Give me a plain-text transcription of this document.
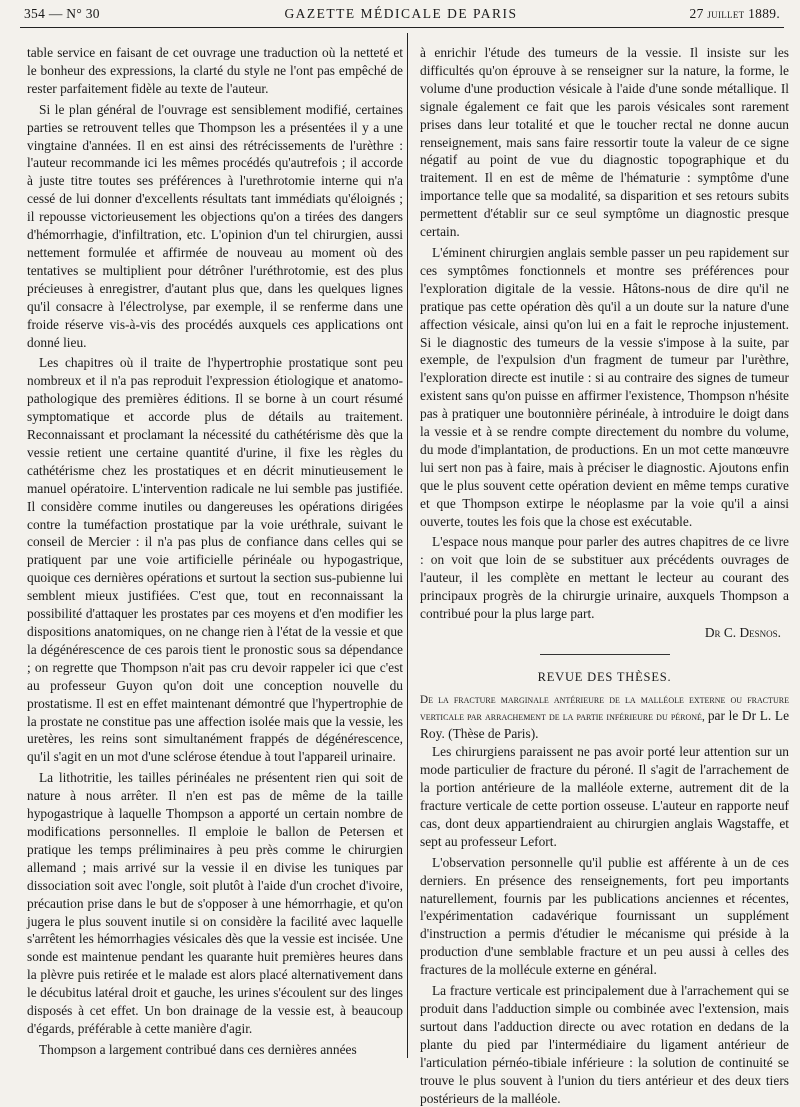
354 — N° 30	GAZETTE MÉDICALE DE PARIS	27 juillet 1889.

table service en faisant de cet ouvrage une traduction où la netteté et le bonheur des expressions, la clarté du style ne l'ont pas empêché de rester parfaitement fidèle au texte de l'auteur.

Si le plan général de l'ouvrage est sensiblement modifié, certaines parties se retrouvent telles que Thompson les a présentées il y a une vingtaine d'années. Il en est ainsi des rétrécissements de l'urèthre : l'auteur recommande ici les mêmes procédés qu'autrefois ; il accorde à juste titre toutes ses préférences à l'urethrotomie interne qui n'a cessé de lui donner d'excellents résultats tant immédiats qu'éloignés ; il repousse victorieusement les objections qu'on a tirées des dangers d'hémorrhagie, d'infiltration, etc. L'opinion d'un tel chirurgien, aussi nettement formulée et affirmée de nouveau au moment où des tentatives se multiplient pour détrôner l'uréthrotomie, est des plus précieuses à enregistrer, d'autant plus que, dans les quelques lignes qu'il consacre à l'électrolyse, par exemple, il se renferme dans une froide réserve vis-à-vis des procédés auxquels ces applications ont donné lieu.

Les chapitres où il traite de l'hypertrophie prostatique sont peu nombreux et il n'a pas reproduit l'expression étiologique et anatomo-pathologique des premières éditions. Il se borne à un court résumé symptomatique et accorde plus de détails au traitement. Reconnaissant et proclamant la nécessité du cathétérisme dès que la vessie retient une certaine quantité d'urine, il fixe les règles du cathétérisme chez les prostatiques et en décrit minutieusement le manuel opératoire. L'intervention radicale ne lui semble pas justifiée. Il considère comme inutiles ou dangereuses les opérations dirigées contre la tuméfaction prostatique par la voie uréthrale, suivant le conseil de Mercier : il n'a pas plus de confiance dans celles qui se pratiquent par une voie artificielle périnéale ou hypogastrique, quoique ces dernières opérations et surtout la section sus-pubienne lui semblent mieux justifiées. C'est que, tout en reconnaissant la possibilité d'attaquer les prostates par ces moyens et d'en modifier les dispositions anatomiques, on ne change rien à l'état de la vessie et que la dégénérescence de ces parois tient le pronostic sous sa dépendance ; on regrette que Thompson n'ait pas cru devoir rappeler ici que c'est au professeur Guyon qu'on doit une conception nouvelle du prostatisme. Il est en effet maintenant démontré que l'hypertrophie de la prostate ne constitue pas une affection isolée mais que la vessie, les uretères, les reins sont simultanément frappés de dégénérescence, qu'il s'agit en un mot d'une sclérose étendue à tout l'appareil urinaire.

La lithotritie, les tailles périnéales ne présentent rien qui soit de nature à nous arrêter. Il n'en est pas de même de la taille hypogastrique à laquelle Thompson a apporté un certain nombre de modifications personnelles. Il emploie le ballon de Petersen et pratique les temps préliminaires à peu près comme le chirurgien allemand ; mais arrivé sur la vessie il en divise les tuniques par dissociation soit avec l'ongle, soit plutôt à l'aide d'un crochet d'ivoire, précaution prise dans le but de s'opposer à une hémorrhagie, et qu'on jugera le plus souvent inutile si on considère la facilité avec laquelle s'arrêtent les hémorrhagies vésicales dès que la vessie est incisée. Une sonde est maintenue pendant les quarante huit premières heures dans la plèvre puis retirée et le malade est alors placé alternativement dans le décubitus latéral droit et gauche, les urines s'écoulent sur des linges disposés à cet effet. Un bon drainage de la vessie est, à beaucoup d'égards, préférable à cette manière d'agir.

Thompson a largement contribué dans ces dernières années

à enrichir l'étude des tumeurs de la vessie. Il insiste sur les difficultés qu'on éprouve à se renseigner sur la nature, la forme, le volume d'une production vésicale à l'aide d'une sonde métallique. Il signale également ce fait que les parois vésicales sont rarement prises dans leur totalité et que le toucher rectal ne donne aucun renseignement, mais sans faire ressortir toute la valeur de ce signe négatif au point de vue du diagnostic topographique et du traitement. Il en est de même de l'hématurie : symptôme d'une importance telle que sa modalité, sa disparition et ses retours subits permettent d'établir sur ce seul symptôme un diagnostic presque certain.

L'éminent chirurgien anglais semble passer un peu rapidement sur ces symptômes fonctionnels et montre ses préférences pour l'exploration digitale de la vessie. Hâtons-nous de dire qu'il ne pratique pas cette opération dès qu'il a un doute sur la nature d'une affection vésicale, ainsi qu'on lui en a fait le reproche injustement. Si le diagnostic des tumeurs de la vessie s'impose à la suite, par exemple, de l'expulsion d'un fragment de tumeur par l'urèthre, l'exploration directe est inutile : si au contraire des signes de tumeur existent sans qu'on puisse en affirmer l'existence, Thompson n'hésite pas à pratiquer une boutonnière périnéale, à introduire le doigt dans la vessie et à se rendre compte directement du nombre du volume, du mode d'implantation, de productions. En un mot cette manœuvre lui sert non pas à faire, mais à préciser le diagnostic. Ajoutons enfin que le plus souvent cette opération devient en même temps curative et que Thompson extirpe le néoplasme par la voie qu'il a ainsi ouverte, toutes les fois que la chose est exécutable.

L'espace nous manque pour parler des autres chapitres de ce livre : on voit que loin de se substituer aux précédents ouvrages de l'auteur, il les complète en mettant le lecteur au courant des principaux progrès de la chirurgie urinaire, auxquels Thompson a contribué pour la plus large part.

Dr C. Desnos.
REVUE DES THÈSES.

De la fracture marginale antérieure de la malléole externe ou fracture verticale par arrachement de la partie inférieure du péroné, par le Dr L. Le Roy. (Thèse de Paris).

Les chirurgiens paraissent ne pas avoir porté leur attention sur un mode particulier de fracture du péroné. Il s'agit de l'arrachement de la portion antérieure de la malléole externe, autrement dit de la fracture verticale de cette portion osseuse. L'auteur en rapporte neuf cas, dont deux appartiendraient au chirurgien anglais Wagstaffe, et sept au professeur Lefort.

L'observation personnelle qu'il publie est afférente à un de ces derniers. En présence des renseignements, fort peu importants naturellement, fournis par les publications anciennes et récentes, l'expérimentation cadavérique fournissant un supplément d'instruction a permis d'étudier le mécanisme qui préside à la production d'une semblable fracture et un peu aussi à celles des fractures de la mollécule externe en général.

La fracture verticale est principalement due à l'arrachement qui se produit dans l'adduction simple ou combinée avec l'extension, mais surtout dans l'adduction directe ou avec rotation en dedans de la plante du pied par l'intermédiaire du ligament antérieur de l'articulation pérnéo-tibiale inférieure : la solution de continuité se trouve le plus souvent à l'union du tiers antérieur et des deux tiers postérieurs de la malléole.
